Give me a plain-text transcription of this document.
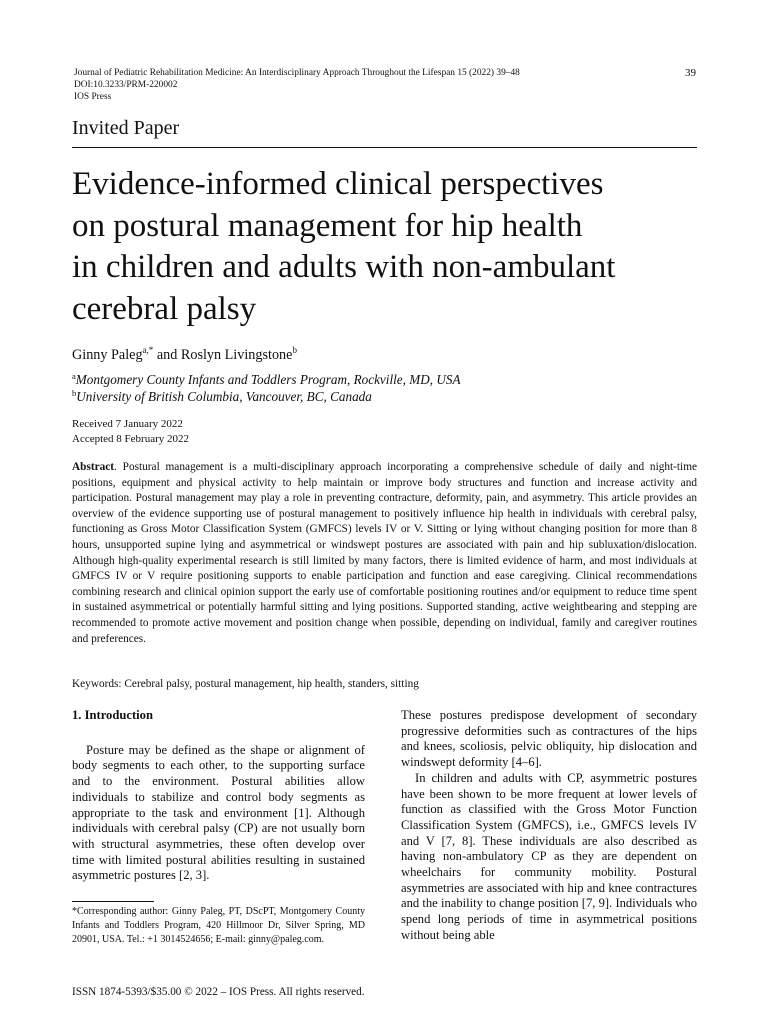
Journal of Pediatric Rehabilitation Medicine: An Interdisciplinary Approach Throughout the Lifespan 15 (2022) 39–48
DOI:10.3233/PRM-220002
IOS Press
39
Invited Paper
Evidence-informed clinical perspectives
on postural management for hip health
in children and adults with non-ambulant
cerebral palsy
Ginny Paleg$^{a,*}$ and Roslyn Livingstone$^b$
$^a$Montgomery County Infants and Toddlers Program, Rockville, MD, USA
$^b$University of British Columbia, Vancouver, BC, Canada
Received 7 January 2022
Accepted 8 February 2022
Abstract. Postural management is a multi-disciplinary approach incorporating a comprehensive schedule of daily and night-time positions, equipment and physical activity to help maintain or improve body structures and function and increase activity and participation. Postural management may play a role in preventing contracture, deformity, pain, and asymmetry. This article provides an overview of the evidence supporting use of postural management to positively influence hip health in individuals with cerebral palsy, functioning as Gross Motor Classification System (GMFCS) levels IV or V. Sitting or lying without changing position for more than 8 hours, unsupported supine lying and asymmetrical or windswept postures are associated with pain and hip subluxation/dislocation. Although high-quality experimental research is still limited by many factors, there is limited evidence of harm, and most individuals at GMFCS IV or V require positioning supports to enable participation and function and ease caregiving. Clinical recommendations combining research and clinical opinion support the early use of comfortable positioning routines and/or equipment to reduce time spent in sustained asymmetrical or potentially harmful sitting and lying positions. Supported standing, active weightbearing and stepping are recommended to promote active movement and position change when possible, depending on individual, family and caregiver routines and preferences.
Keywords: Cerebral palsy, postural management, hip health, standers, sitting
1. Introduction

Posture may be defined as the shape or alignment of body segments to each other, to the supporting surface and to the environment. Postural abilities allow individuals to stabilize and control body segments as appropriate to the task and environment [1]. Although individuals with cerebral palsy (CP) are not usually born with structural asymmetries, these often develop over time with limited postural abilities resulting in sustained asymmetric postures [2, 3].

These postures predispose development of secondary progressive deformities such as contractures of the hips and knees, scoliosis, pelvic obliquity, hip dislocation and windswept deformity [4–6].

In children and adults with CP, asymmetric postures have been shown to be more frequent at lower levels of function as classified with the Gross Motor Function Classification System (GMFCS), i.e., GMFCS levels IV and V [7, 8]. These individuals are also described as having non-ambulatory CP as they are dependent on wheelchairs for community mobility. Postural asymmetries are associated with hip and knee contractures and the inability to change position [7, 9]. Individuals who spend long periods of time in asymmetrical positions without being able

*Corresponding author: Ginny Paleg, PT, DScPT, Montgomery County Infants and Toddlers Program, 420 Hillmoor Dr, Silver Spring, MD 20901, USA. Tel.: +1 3014524656; E-mail: ginny@paleg.com.
ISSN 1874-5393/$35.00 © 2022 – IOS Press. All rights reserved.
